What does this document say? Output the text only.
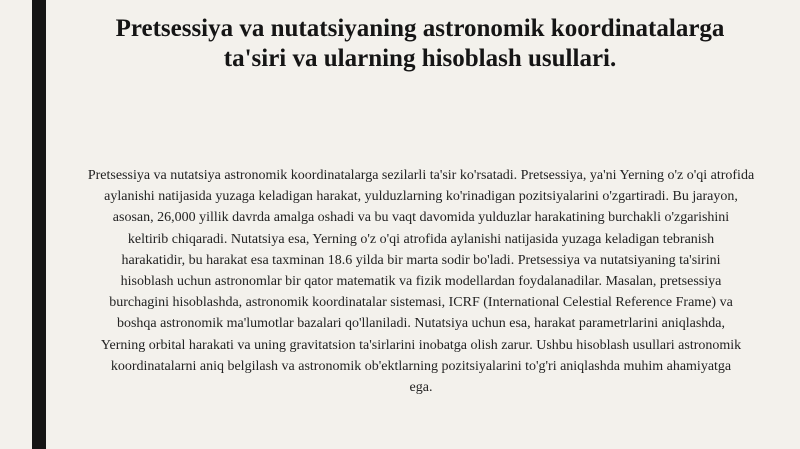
Pretsessiya va nutatsiyaning astronomik koordinatalarga
ta'siri va ularning hisoblash usullari.

Pretsessiya va nutatsiya astronomik koordinatalarga sezilarli ta'sir ko'rsatadi. Pretsessiya, ya'ni Yerning o'z o'qi atrofida
aylanishi natijasida yuzaga keladigan harakat, yulduzlarning ko'rinadigan pozitsiyalarini o'zgartiradi. Bu jarayon,
asosan, 26,000 yillik davrda amalga oshadi va bu vaqt davomida yulduzlar harakatining burchakli o'zgarishini
keltirib chiqaradi. Nutatsiya esa, Yerning o'z o'qi atrofida aylanishi natijasida yuzaga keladigan tebranish
harakatidir, bu harakat esa taxminan 18.6 yilda bir marta sodir bo'ladi. Pretsessiya va nutatsiyaning ta'sirini
hisoblash uchun astronomlar bir qator matematik va fizik modellardan foydalanadilar. Masalan, pretsessiya
burchagini hisoblashda, astronomik koordinatalar sistemasi, ICRF (International Celestial Reference Frame) va
boshqa astronomik ma'lumotlar bazalari qo'llaniladi. Nutatsiya uchun esa, harakat parametrlarini aniqlashda,
Yerning orbital harakati va uning gravitatsion ta'sirlarini inobatga olish zarur. Ushbu hisoblash usullari astronomik
koordinatalarni aniq belgilash va astronomik ob'ektlarning pozitsiyalarini to'g'ri aniqlashda muhim ahamiyatga
ega.
